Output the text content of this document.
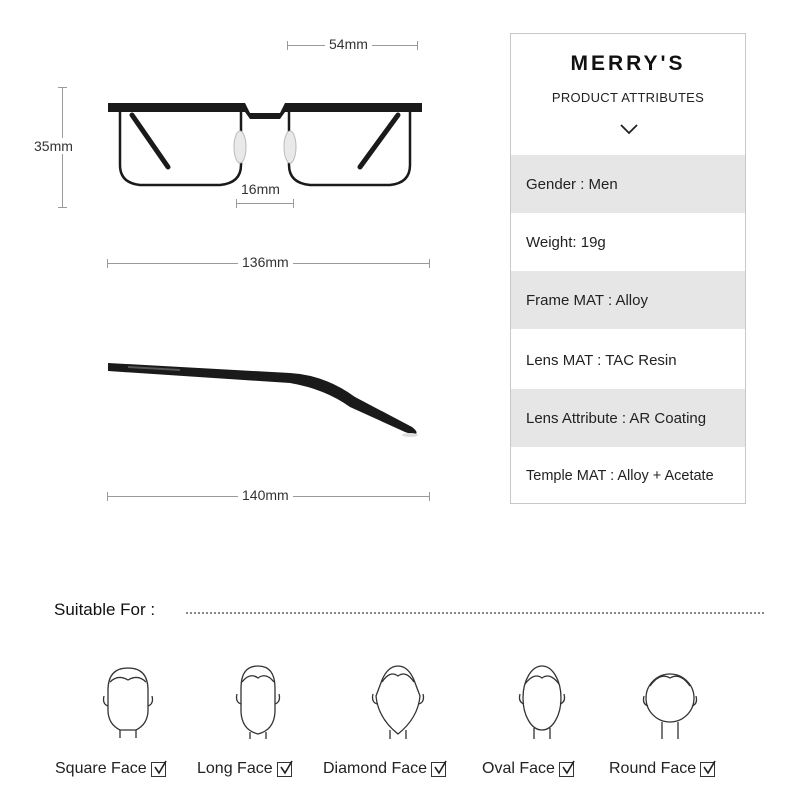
54mm
35mm
16mm
136mm
140mm
MERRY'S
PRODUCT ATTRIBUTES
Gender : Men
Weight: 19g
Frame MAT : Alloy
Lens MAT : TAC Resin
Lens Attribute : AR Coating
Temple MAT : Alloy + Acetate
Suitable For :
Square Face	Long Face	Diamond Face	Oval Face	Round Face
